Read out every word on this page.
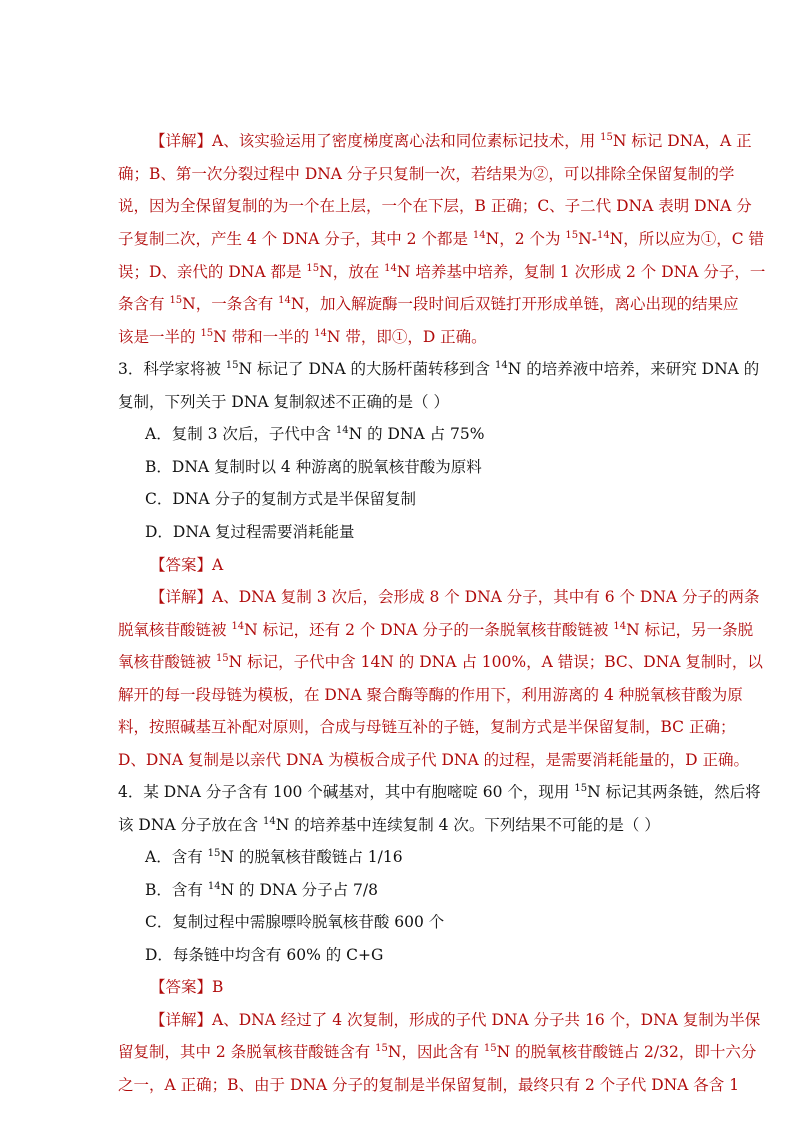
【详解】A、该实验运用了密度梯度离心法和同位素标记技术，用 $^{15}$N 标记 DNA，A 正
确；B、第一次分裂过程中 DNA 分子只复制一次，若结果为②，可以排除全保留复制的学
说，因为全保留复制的为一个在上层，一个在下层，B 正确；C、子二代 DNA 表明 DNA 分
子复制二次，产生 4 个 DNA 分子，其中 2 个都是 $^{14}$N，2 个为 $^{15}$N-$^{14}$N，所以应为①，C 错
误；D、亲代的 DNA 都是 $^{15}$N，放在 $^{14}$N 培养基中培养，复制 1 次形成 2 个 DNA 分子，一
条含有 $^{15}$N，一条含有 $^{14}$N，加入解旋酶一段时间后双链打开形成单链，离心出现的结果应
该是一半的 $^{15}$N 带和一半的 $^{14}$N 带，即①，D 正确。
3．科学家将被 $^{15}$N 标记了 DNA 的大肠杆菌转移到含 $^{14}$N 的培养液中培养，来研究 DNA 的
复制，下列关于 DNA 复制叙述不正确的是（ ）
A．复制 3 次后，子代中含 $^{14}$N 的 DNA 占 75%
B．DNA 复制时以 4 种游离的脱氧核苷酸为原料
C．DNA 分子的复制方式是半保留复制
D．DNA 复过程需要消耗能量
【答案】A
【详解】A、DNA 复制 3 次后，会形成 8 个 DNA 分子，其中有 6 个 DNA 分子的两条
脱氧核苷酸链被 $^{14}$N 标记，还有 2 个 DNA 分子的一条脱氧核苷酸链被 $^{14}$N 标记，另一条脱
氧核苷酸链被 $^{15}$N 标记，子代中含 14N 的 DNA 占 100%，A 错误；BC、DNA 复制时，以
解开的每一段母链为模板，在 DNA 聚合酶等酶的作用下，利用游离的 4 种脱氧核苷酸为原
料，按照碱基互补配对原则，合成与母链互补的子链，复制方式是半保留复制，BC 正确；
D、DNA 复制是以亲代 DNA 为模板合成子代 DNA 的过程，是需要消耗能量的，D 正确。
4．某 DNA 分子含有 100 个碱基对，其中有胞嘧啶 60 个，现用 $^{15}$N 标记其两条链，然后将
该 DNA 分子放在含 $^{14}$N 的培养基中连续复制 4 次。下列结果不可能的是（ ）
A．含有 $^{15}$N 的脱氧核苷酸链占 1/16
B．含有 $^{14}$N 的 DNA 分子占 7/8
C．复制过程中需腺嘌呤脱氧核苷酸 600 个
D．每条链中均含有 60% 的 C+G
【答案】B
【详解】A、DNA 经过了 4 次复制，形成的子代 DNA 分子共 16 个，DNA 复制为半保
留复制，其中 2 条脱氧核苷酸链含有 $^{15}$N，因此含有 $^{15}$N 的脱氧核苷酸链占 2/32，即十六分
之一，A 正确；B、由于 DNA 分子的复制是半保留复制，最终只有 2 个子代 DNA 各含 1
